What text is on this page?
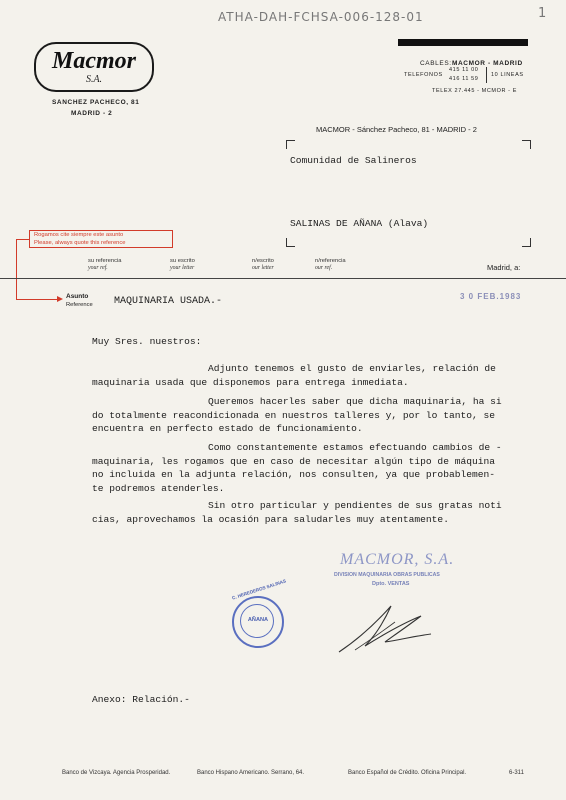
ATHA-DAH-FCHSA-006-128-01	1
Macmor
S.A.
SANCHEZ PACHECO, 81
MADRID - 2
CABLES: MACMOR - MADRID
TELEFONOS
415 11 00
416 11 59
10 LINEAS
TELEX 27.445 - MCMOR - E
MACMOR - Sánchez Pacheco, 81 - MADRID - 2
Comunidad de Salineros
SALINAS DE AÑANA (Alava)
Rogamos cite siempre este asunto
Please, always quote this reference
su referencia
your ref.
su escrito
your letter
n/escrito
our letter
n/referencia
our ref.	Madrid, a:
Asunto
Reference MAQUINARIA USADA.-	3 0 FEB.1983
Muy Sres. nuestros:
Adjunto tenemos el gusto de enviarles, relación de
maquinaria usada que disponemos para entrega inmediata.
Queremos hacerles saber que dicha maquinaria, ha si
do totalmente reacondicionada en nuestros talleres y, por lo tanto, se
encuentra en perfecto estado de funcionamiento.
Como constantemente estamos efectuando cambios de -
maquinaria, les rogamos que en caso de necesitar algún tipo de máquina
no incluida en la adjunta relación, nos consulten, ya que probablemen-
te podremos atenderles.
Sin otro particular y pendientes de sus gratas noti
cias, aprovechamos la ocasión para saludarles muy atentamente.
MACMOR, S.A.
DIVISION MAQUINARIA OBRAS PUBLICAS
Dpto. VENTAS
C. HEREDEROS SALINAS
AÑANA
Anexo: Relación.-
Banco de Vizcaya. Agencia Prosperidad.	Banco Hispano Americano. Serrano, 64.	Banco Español de Crédito. Oficina Principal.	6-311
